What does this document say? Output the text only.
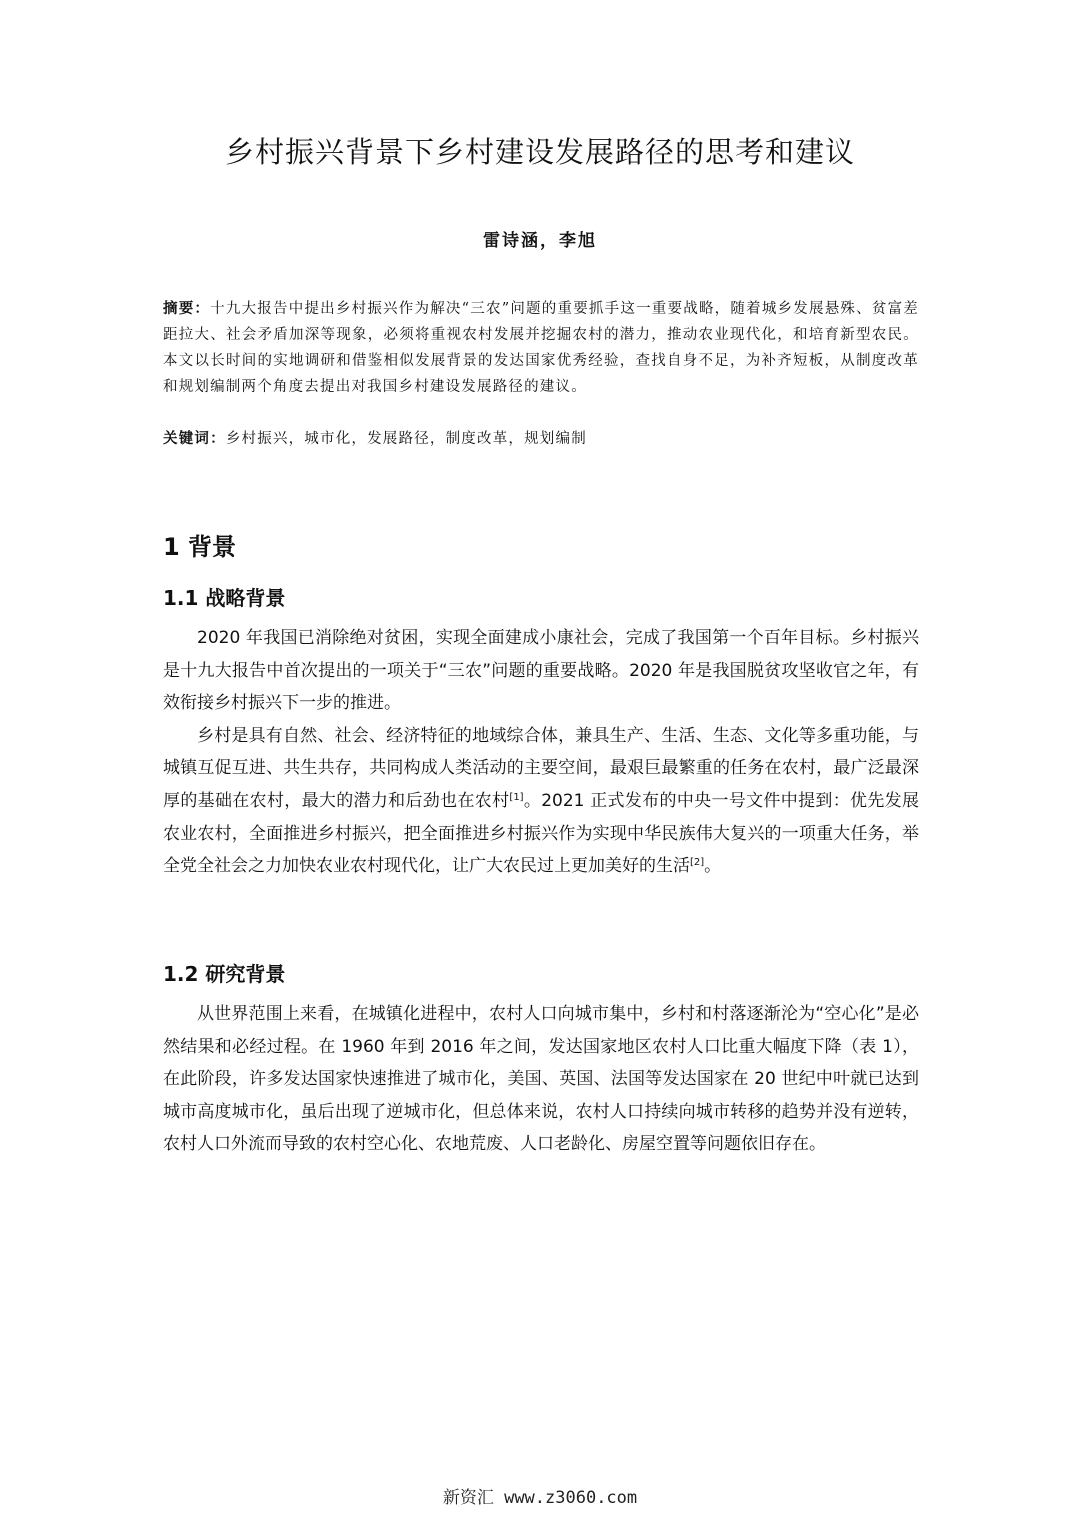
乡村振兴背景下乡村建设发展路径的思考和建议
雷诗涵，李旭
摘要：十九大报告中提出乡村振兴作为解决“三农”问题的重要抓手这一重要战略，随着城乡发展悬殊、贫富差距拉大、社会矛盾加深等现象，必须将重视农村发展并挖掘农村的潜力，推动农业现代化，和培育新型农民。本文以长时间的实地调研和借鉴相似发展背景的发达国家优秀经验，查找自身不足，为补齐短板，从制度改革和规划编制两个角度去提出对我国乡村建设发展路径的建议。
关键词：乡村振兴，城市化，发展路径，制度改革，规划编制
1 背景
1.1 战略背景

2020 年我国已消除绝对贫困，实现全面建成小康社会，完成了我国第一个百年目标。乡村振兴是十九大报告中首次提出的一项关于“三农”问题的重要战略。2020 年是我国脱贫攻坚收官之年，有效衔接乡村振兴下一步的推进。

乡村是具有自然、社会、经济特征的地域综合体，兼具生产、生活、生态、文化等多重功能，与城镇互促互进、共生共存，共同构成人类活动的主要空间，最艰巨最繁重的任务在农村，最广泛最深厚的基础在农村，最大的潜力和后劲也在农村[1]。2021 正式发布的中央一号文件中提到：优先发展农业农村，全面推进乡村振兴，把全面推进乡村振兴作为实现中华民族伟大复兴的一项重大任务，举全党全社会之力加快农业农村现代化，让广大农民过上更加美好的生活[2]。

1.2 研究背景

从世界范围上来看，在城镇化进程中，农村人口向城市集中，乡村和村落逐渐沦为“空心化”是必然结果和必经过程。在 1960 年到 2016 年之间，发达国家地区农村人口比重大幅度下降（表 1），在此阶段，许多发达国家快速推进了城市化，美国、英国、法国等发达国家在 20 世纪中叶就已达到城市高度城市化，虽后出现了逆城市化，但总体来说，农村人口持续向城市转移的趋势并没有逆转，农村人口外流而导致的农村空心化、农地荒废、人口老龄化、房屋空置等问题依旧存在。

新资汇 www.z3060.com
